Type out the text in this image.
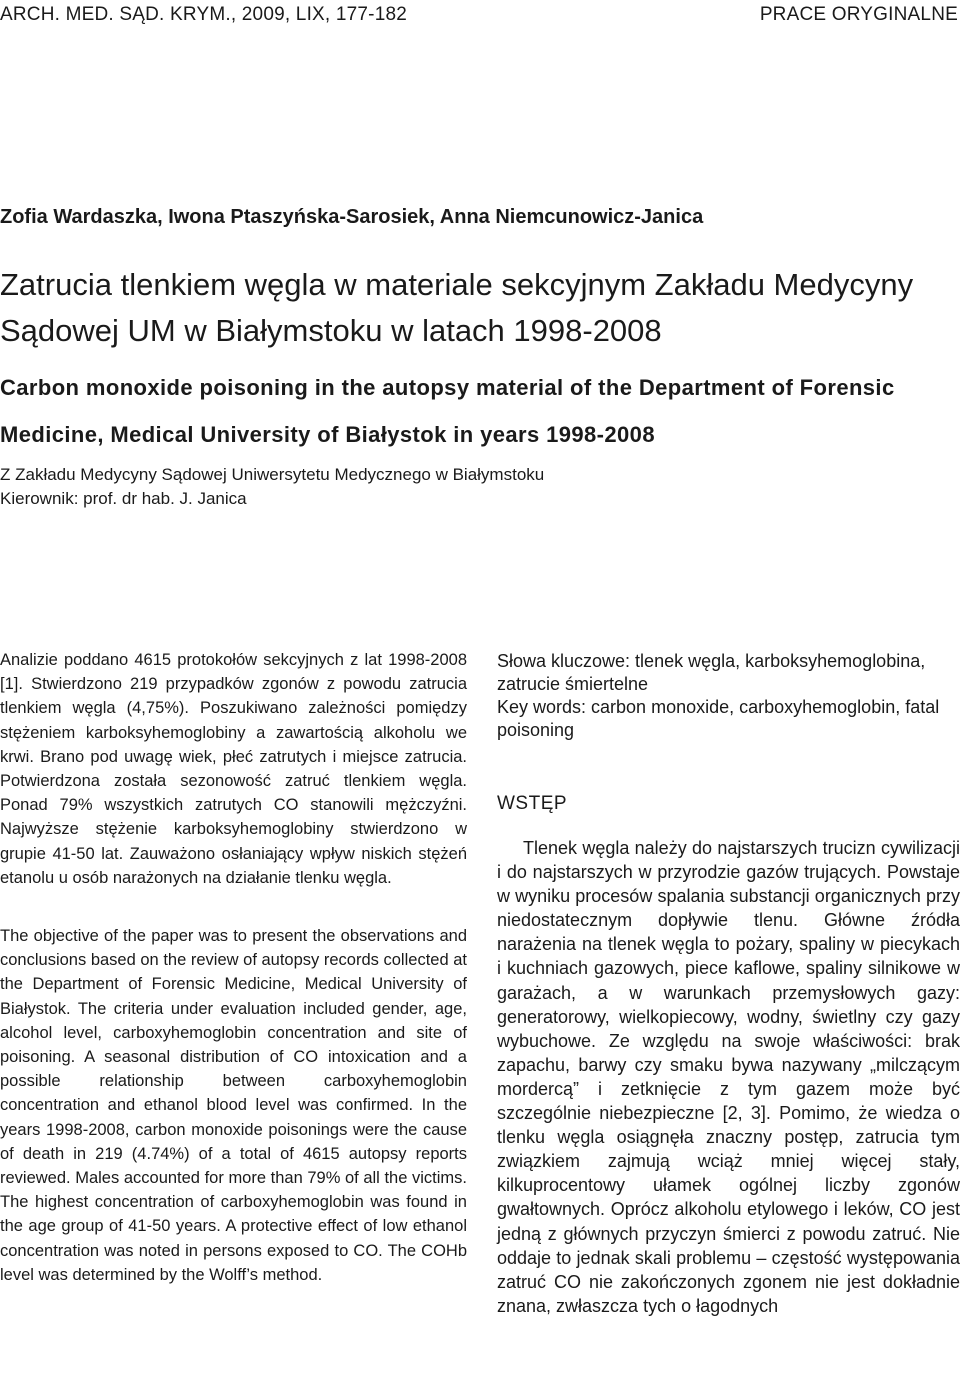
ARCH. MED. SĄD. KRYM., 2009, LIX, 177-182	PRACE ORYGINALNE
Zofia Wardaszka, Iwona Ptaszyńska-Sarosiek, Anna Niemcunowicz-Janica
Zatrucia tlenkiem węgla w materiale sekcyjnym Zakładu Medycyny Sądowej UM w Białymstoku w latach 1998-2008
Carbon monoxide poisoning in the autopsy material of the Department of Forensic Medicine, Medical University of Białystok in years 1998-2008
Z Zakładu Medycyny Sądowej Uniwersytetu Medycznego w Białymstoku
Kierownik: prof. dr hab. J. Janica

Analizie poddano 4615 protokołów sekcyjnych z lat 1998-2008 [1]. Stwierdzono 219 przypadków zgonów z powodu zatrucia tlenkiem węgla (4,75%). Poszukiwano zależności pomiędzy stężeniem karboksyhemoglobiny a zawartością alkoholu we krwi. Brano pod uwagę wiek, płeć zatrutych i miejsce zatrucia. Potwierdzona została sezonowość zatruć tlenkiem węgla. Ponad 79% wszystkich zatrutych CO stanowili mężczyźni. Najwyższe stężenie karboksyhemoglobiny stwierdzono w grupie 41-50 lat. Zauważono osłaniający wpływ niskich stężeń etanolu u osób narażonych na działanie tlenku węgla.

The objective of the paper was to present the observations and conclusions based on the review of autopsy records collected at the Department of Forensic Medicine, Medical University of Białystok. The criteria under evaluation included gender, age, alcohol level, carboxyhemoglobin concentration and site of poisoning. A seasonal distribution of CO intoxication and a possible relationship between carboxyhemoglobin concentration and ethanol blood level was confirmed. In the years 1998-2008, carbon monoxide poisonings were the cause of death in 219 (4.74%) of a total of 4615 autopsy reports reviewed. Males accounted for more than 79% of all the victims. The highest concentration of carboxyhemoglobin was found in the age group of 41-50 years. A protective effect of low ethanol concentration was noted in persons exposed to CO. The COHb level was determined by the Wolff’s method.

Słowa kluczowe: tlenek węgla, karboksyhemoglobina, zatrucie śmiertelne

Key words: carbon monoxide, carboxyhemoglobin, fatal poisoning

WSTĘP

Tlenek węgla należy do najstarszych trucizn cywilizacji i do najstarszych w przyrodzie gazów trujących. Powstaje w wyniku procesów spalania substancji organicznych przy niedostatecznym dopływie tlenu. Główne źródła narażenia na tlenek węgla to pożary, spaliny w piecykach i kuchniach gazowych, piece kaflowe, spaliny silnikowe w garażach, a w warunkach przemysłowych gazy: generatorowy, wielkopiecowy, wodny, świetlny czy gazy wybuchowe. Ze względu na swoje właściwości: brak zapachu, barwy czy smaku bywa nazywany „milczącym mordercą” i zetknięcie z tym gazem może być szczególnie niebezpieczne [2, 3]. Pomimo, że wiedza o tlenku węgla osiągnęła znaczny postęp, zatrucia tym związkiem zajmują wciąż mniej więcej stały, kilkuprocentowy ułamek ogólnej liczby zgonów gwałtownych. Oprócz alkoholu etylowego i leków, CO jest jedną z głównych przyczyn śmierci z powodu zatruć. Nie oddaje to jednak skali problemu – częstość występowania zatruć CO nie zakończonych zgonem nie jest dokładnie znana, zwłaszcza tych o łagodnych
